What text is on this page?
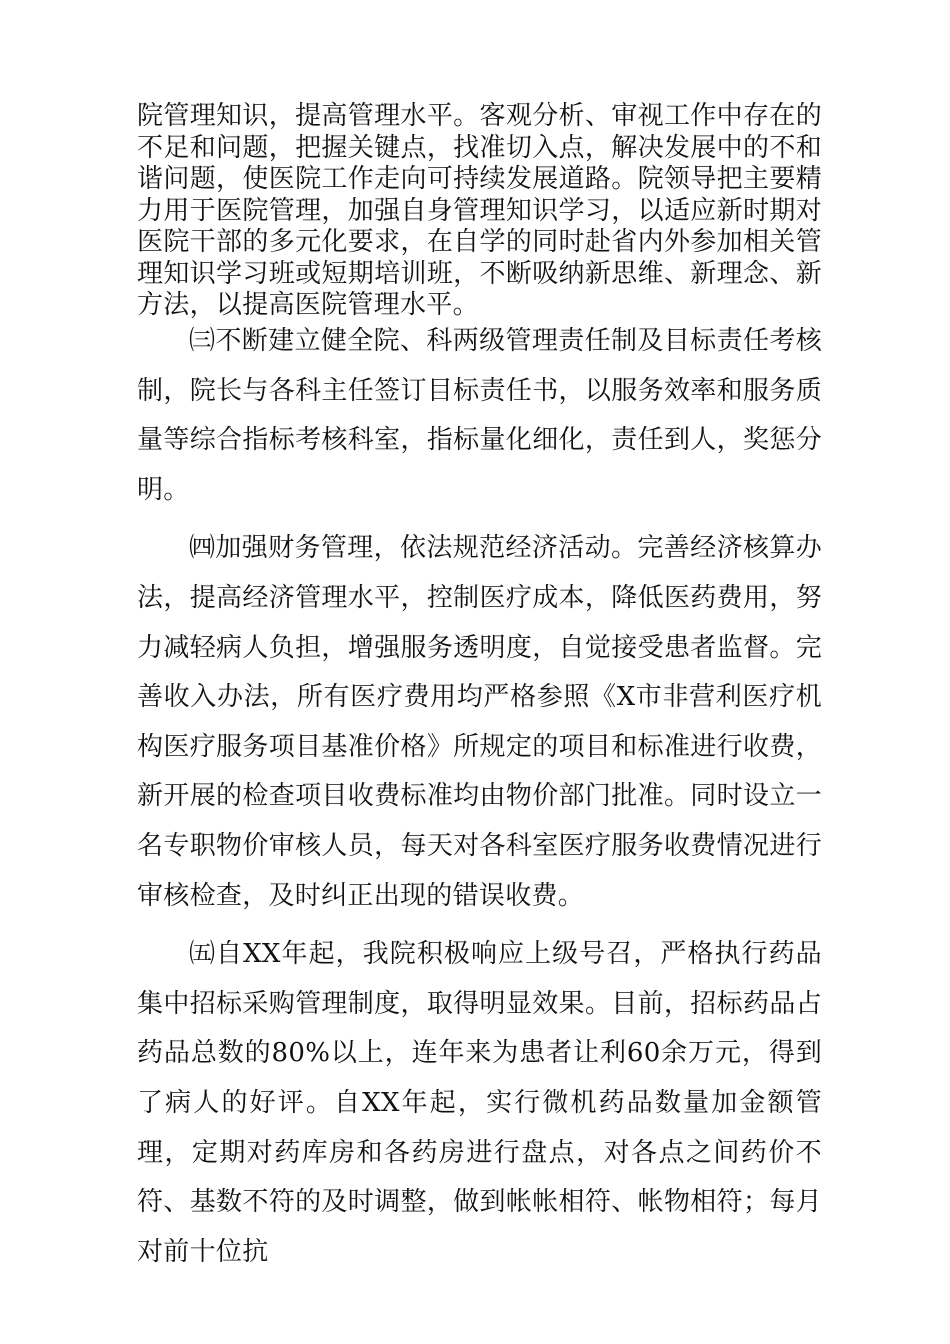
院管理知识，提高管理水平。客观分析、审视工作中存在的不足和问题，把握关键点，找准切入点，解决发展中的不和谐问题，使医院工作走向可持续发展道路。院领导把主要精力用于医院管理，加强自身管理知识学习，以适应新时期对医院干部的多元化要求，在自学的同时赴省内外参加相关管理知识学习班或短期培训班，不断吸纳新思维、新理念、新方法，以提高医院管理水平。

㈢不断建立健全院、科两级管理责任制及目标责任考核制，院长与各科主任签订目标责任书，以服务效率和服务质量等综合指标考核科室，指标量化细化，责任到人，奖惩分明。

㈣加强财务管理，依法规范经济活动。完善经济核算办法，提高经济管理水平，控制医疗成本，降低医药费用，努力减轻病人负担，增强服务透明度，自觉接受患者监督。完善收入办法，所有医疗费用均严格参照《X市非营利医疗机构医疗服务项目基准价格》所规定的项目和标准进行收费，新开展的检查项目收费标准均由物价部门批准。同时设立一名专职物价审核人员，每天对各科室医疗服务收费情况进行审核检查，及时纠正出现的错误收费。

㈤自XX年起，我院积极响应上级号召，严格执行药品集中招标采购管理制度，取得明显效果。目前，招标药品占药品总数的80%以上，连年来为患者让利60余万元，得到了病人的好评。自XX年起，实行微机药品数量加金额管理，定期对药库房和各药房进行盘点，对各点之间药价不符、基数不符的及时调整，做到帐帐相符、帐物相符；每月对前十位抗
